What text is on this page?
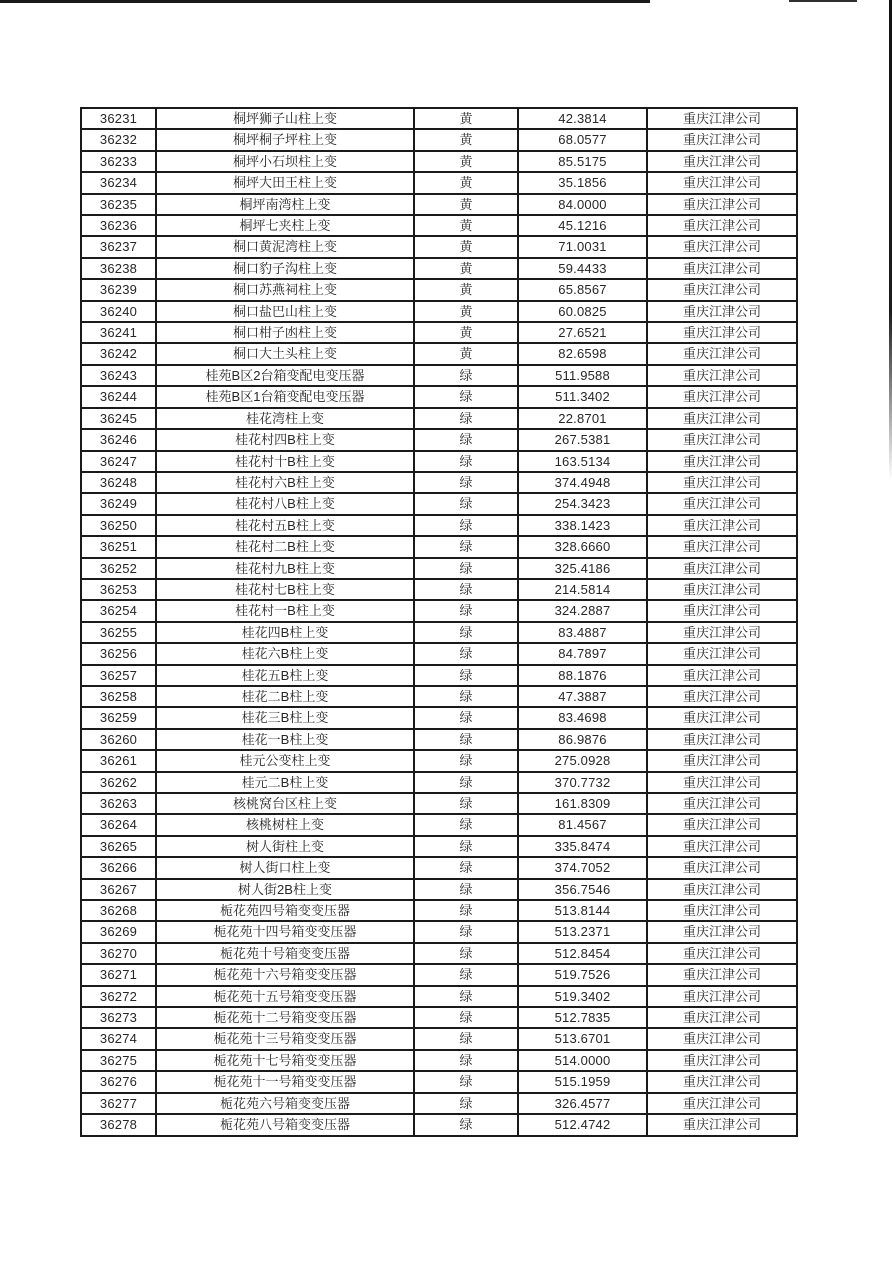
36231	桐坪狮子山柱上变	黄	42.3814	重庆江津公司
36232	桐坪桐子坪柱上变	黄	68.0577	重庆江津公司
36233	桐坪小石坝柱上变	黄	85.5175	重庆江津公司
36234	桐坪大田王柱上变	黄	35.1856	重庆江津公司
36235	桐坪南湾柱上变	黄	84.0000	重庆江津公司
36236	桐坪七夹柱上变	黄	45.1216	重庆江津公司
36237	桐口黄泥湾柱上变	黄	71.0031	重庆江津公司
36238	桐口豹子沟柱上变	黄	59.4433	重庆江津公司
36239	桐口苏燕祠柱上变	黄	65.8567	重庆江津公司
36240	桐口盐巴山柱上变	黄	60.0825	重庆江津公司
36241	桐口柑子凼柱上变	黄	27.6521	重庆江津公司
36242	桐口大土头柱上变	黄	82.6598	重庆江津公司
36243	桂苑B区2台箱变配电变压器	绿	511.9588	重庆江津公司
36244	桂苑B区1台箱变配电变压器	绿	511.3402	重庆江津公司
36245	桂花湾柱上变	绿	22.8701	重庆江津公司
36246	桂花村四B柱上变	绿	267.5381	重庆江津公司
36247	桂花村十B柱上变	绿	163.5134	重庆江津公司
36248	桂花村六B柱上变	绿	374.4948	重庆江津公司
36249	桂花村八B柱上变	绿	254.3423	重庆江津公司
36250	桂花村五B柱上变	绿	338.1423	重庆江津公司
36251	桂花村二B柱上变	绿	328.6660	重庆江津公司
36252	桂花村九B柱上变	绿	325.4186	重庆江津公司
36253	桂花村七B柱上变	绿	214.5814	重庆江津公司
36254	桂花村一B柱上变	绿	324.2887	重庆江津公司
36255	桂花四B柱上变	绿	83.4887	重庆江津公司
36256	桂花六B柱上变	绿	84.7897	重庆江津公司
36257	桂花五B柱上变	绿	88.1876	重庆江津公司
36258	桂花二B柱上变	绿	47.3887	重庆江津公司
36259	桂花三B柱上变	绿	83.4698	重庆江津公司
36260	桂花一B柱上变	绿	86.9876	重庆江津公司
36261	桂元公变柱上变	绿	275.0928	重庆江津公司
36262	桂元二B柱上变	绿	370.7732	重庆江津公司
36263	核桃窝台区柱上变	绿	161.8309	重庆江津公司
36264	核桃树柱上变	绿	81.4567	重庆江津公司
36265	树人街柱上变	绿	335.8474	重庆江津公司
36266	树人街口柱上变	绿	374.7052	重庆江津公司
36267	树人街2B柱上变	绿	356.7546	重庆江津公司
36268	栀花苑四号箱变变压器	绿	513.8144	重庆江津公司
36269	栀花苑十四号箱变变压器	绿	513.2371	重庆江津公司
36270	栀花苑十号箱变变压器	绿	512.8454	重庆江津公司
36271	栀花苑十六号箱变变压器	绿	519.7526	重庆江津公司
36272	栀花苑十五号箱变变压器	绿	519.3402	重庆江津公司
36273	栀花苑十二号箱变变压器	绿	512.7835	重庆江津公司
36274	栀花苑十三号箱变变压器	绿	513.6701	重庆江津公司
36275	栀花苑十七号箱变变压器	绿	514.0000	重庆江津公司
36276	栀花苑十一号箱变变压器	绿	515.1959	重庆江津公司
36277	栀花苑六号箱变变压器	绿	326.4577	重庆江津公司
36278	栀花苑八号箱变变压器	绿	512.4742	重庆江津公司
